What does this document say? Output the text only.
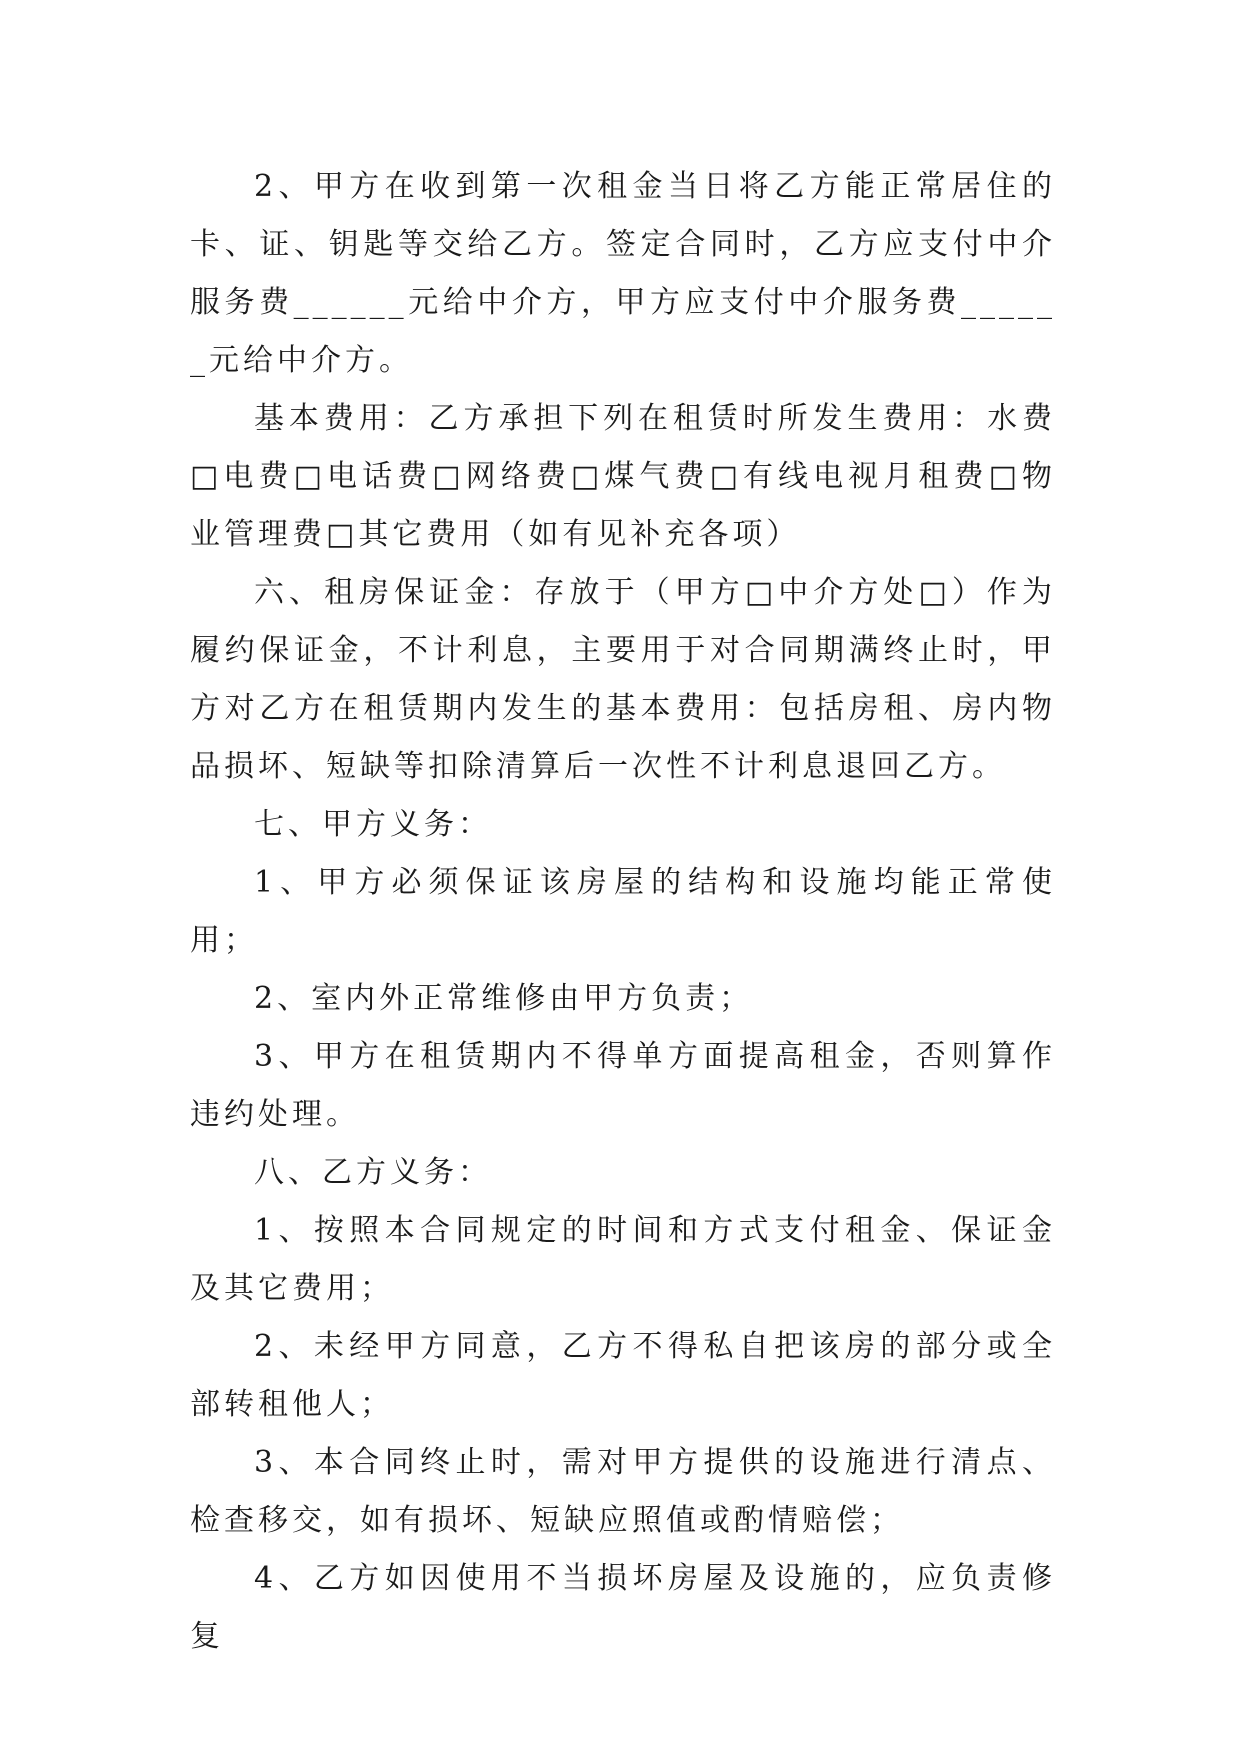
2、甲方在收到第一次租金当日将乙方能正常居住的卡、证、钥匙等交给乙方。签定合同时，乙方应支付中介服务费______元给中介方，甲方应支付中介服务费______元给中介方。

基本费用：乙方承担下列在租赁时所发生费用：水费□电费□电话费□网络费□煤气费□有线电视月租费□物业管理费□其它费用（如有见补充各项）

六、租房保证金：存放于（甲方□中介方处□）作为履约保证金，不计利息，主要用于对合同期满终止时，甲方对乙方在租赁期内发生的基本费用：包括房租、房内物品损坏、短缺等扣除清算后一次性不计利息退回乙方。

七、甲方义务：

1、甲方必须保证该房屋的结构和设施均能正常使用；

2、室内外正常维修由甲方负责；

3、甲方在租赁期内不得单方面提高租金，否则算作违约处理。

八、乙方义务：

1、按照本合同规定的时间和方式支付租金、保证金及其它费用；

2、未经甲方同意，乙方不得私自把该房的部分或全部转租他人；

3、本合同终止时，需对甲方提供的设施进行清点、检查移交，如有损坏、短缺应照值或酌情赔偿；

4、乙方如因使用不当损坏房屋及设施的，应负责修复
